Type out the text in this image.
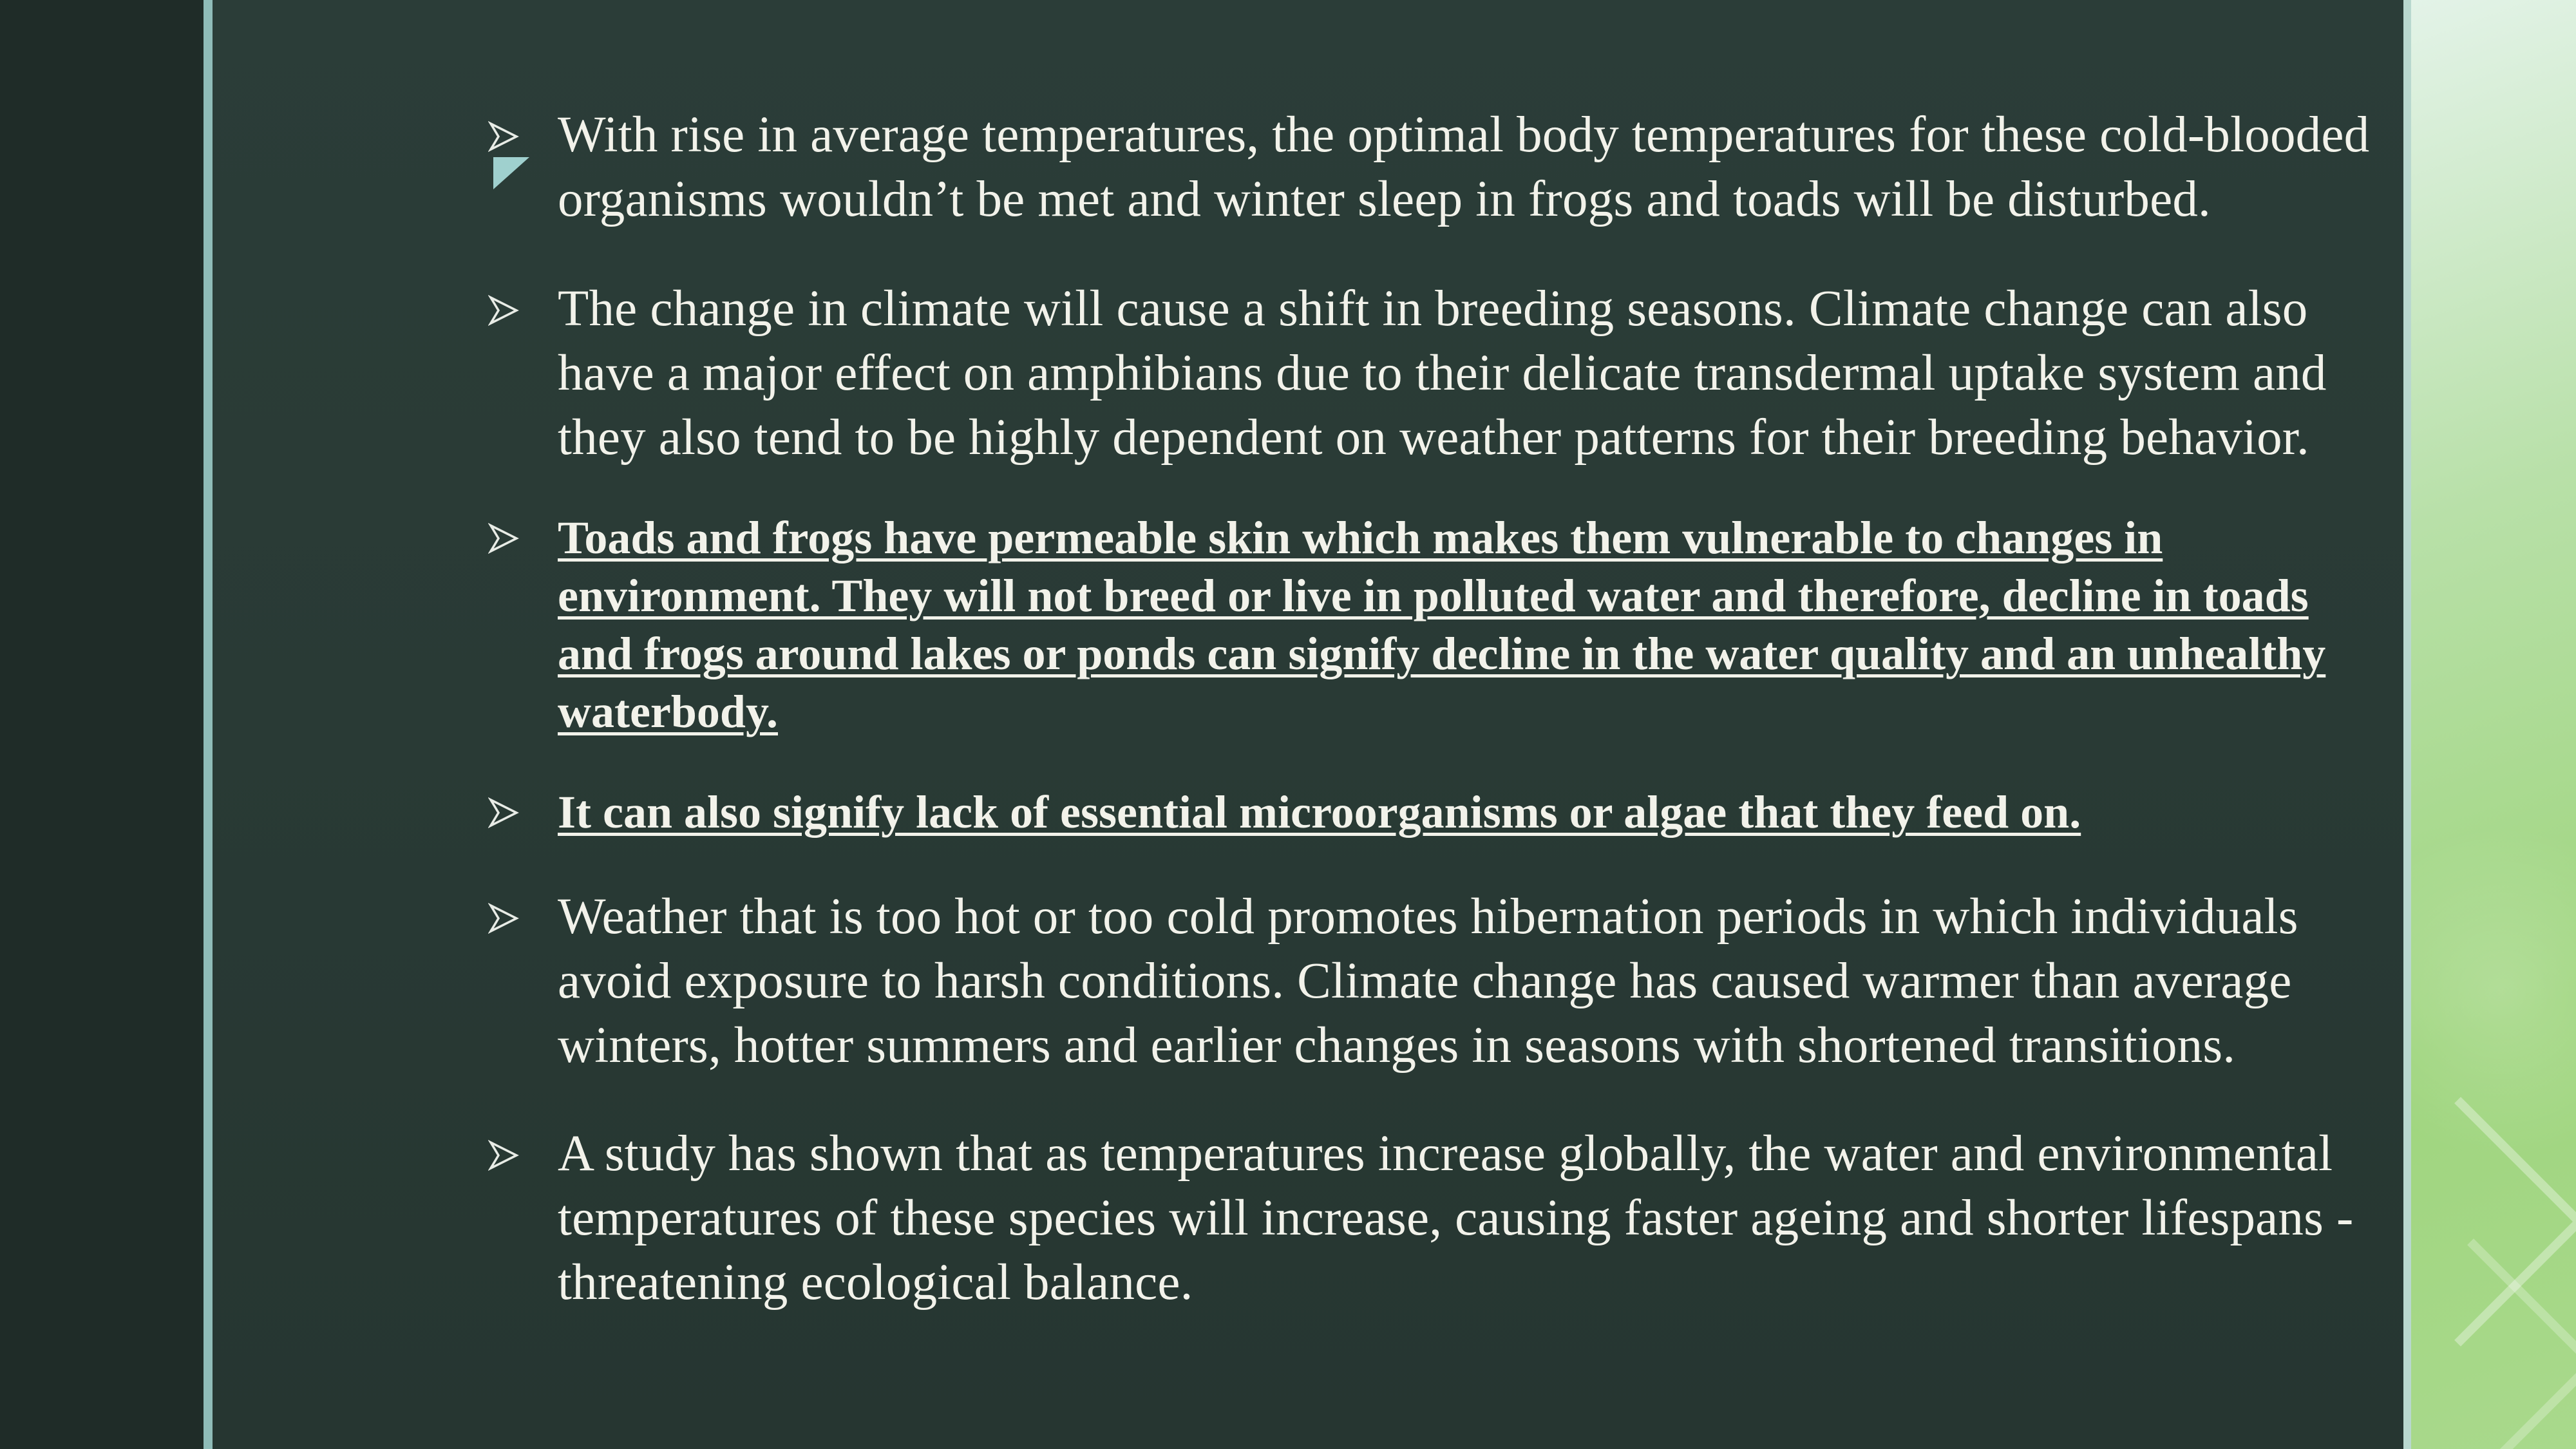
With rise in average temperatures, the optimal body temperatures for these cold-blooded organisms wouldn’t be met and winter sleep in frogs and toads will be disturbed.
The change in climate will cause a shift in breeding seasons. Climate change can also have a major effect on amphibians due to their delicate transdermal uptake system and they also tend to be highly dependent on weather patterns for their breeding behavior.
Toads and frogs have permeable skin which makes them vulnerable to changes in environment. They will not breed or live in polluted water and therefore, decline in toads and frogs around lakes or ponds can signify decline in the water quality and an unhealthy waterbody.
It can also signify lack of essential microorganisms or algae that they feed on.
Weather that is too hot or too cold promotes hibernation periods in which individuals avoid exposure to harsh conditions. Climate change has caused warmer than average winters, hotter summers and earlier changes in seasons with shortened transitions.
A study has shown that as temperatures increase globally, the water and environmental temperatures of these species will increase, causing faster ageing and shorter lifespans - threatening ecological balance.
